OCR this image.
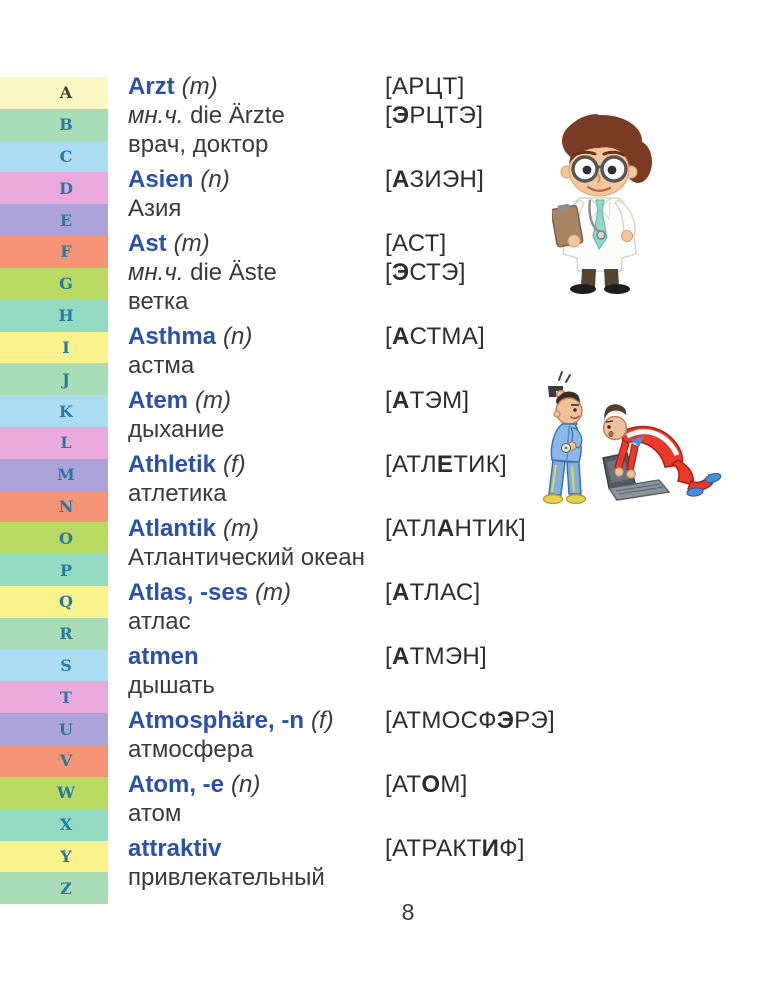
A
B
C
D
E
F
G
H
I
J
K
L
M
N
O
P
Q
R
S
T
U
V
W
X
Y
Z
Arzt (m)	[АРЦТ]
мн.ч. die Ärzte	[ЭРЦТЭ]
врач, доктор
Asien (n)	[АЗИЭН]
Азия
Ast (m)	[АСТ]
мн.ч. die Äste	[ЭСТЭ]
ветка
Asthma (n)	[АСТМА]
астма
Atem (m)	[АТЭМ]
дыхание
Athletik (f)	[АТЛЕТИК]
атлетика
Atlantik (m)	[АТЛАНТИК]
Атлантический океан
Atlas, -ses (m)	[АТЛАС]
атлас
atmen	[АТМЭН]
дышать
Atmosphäre, -n (f)	[АТМОСФЭРЭ]
атмосфера
Atom, -e (n)	[АТОМ]
атом
attraktiv	[АТРАКТИФ]
привлекательный
8
